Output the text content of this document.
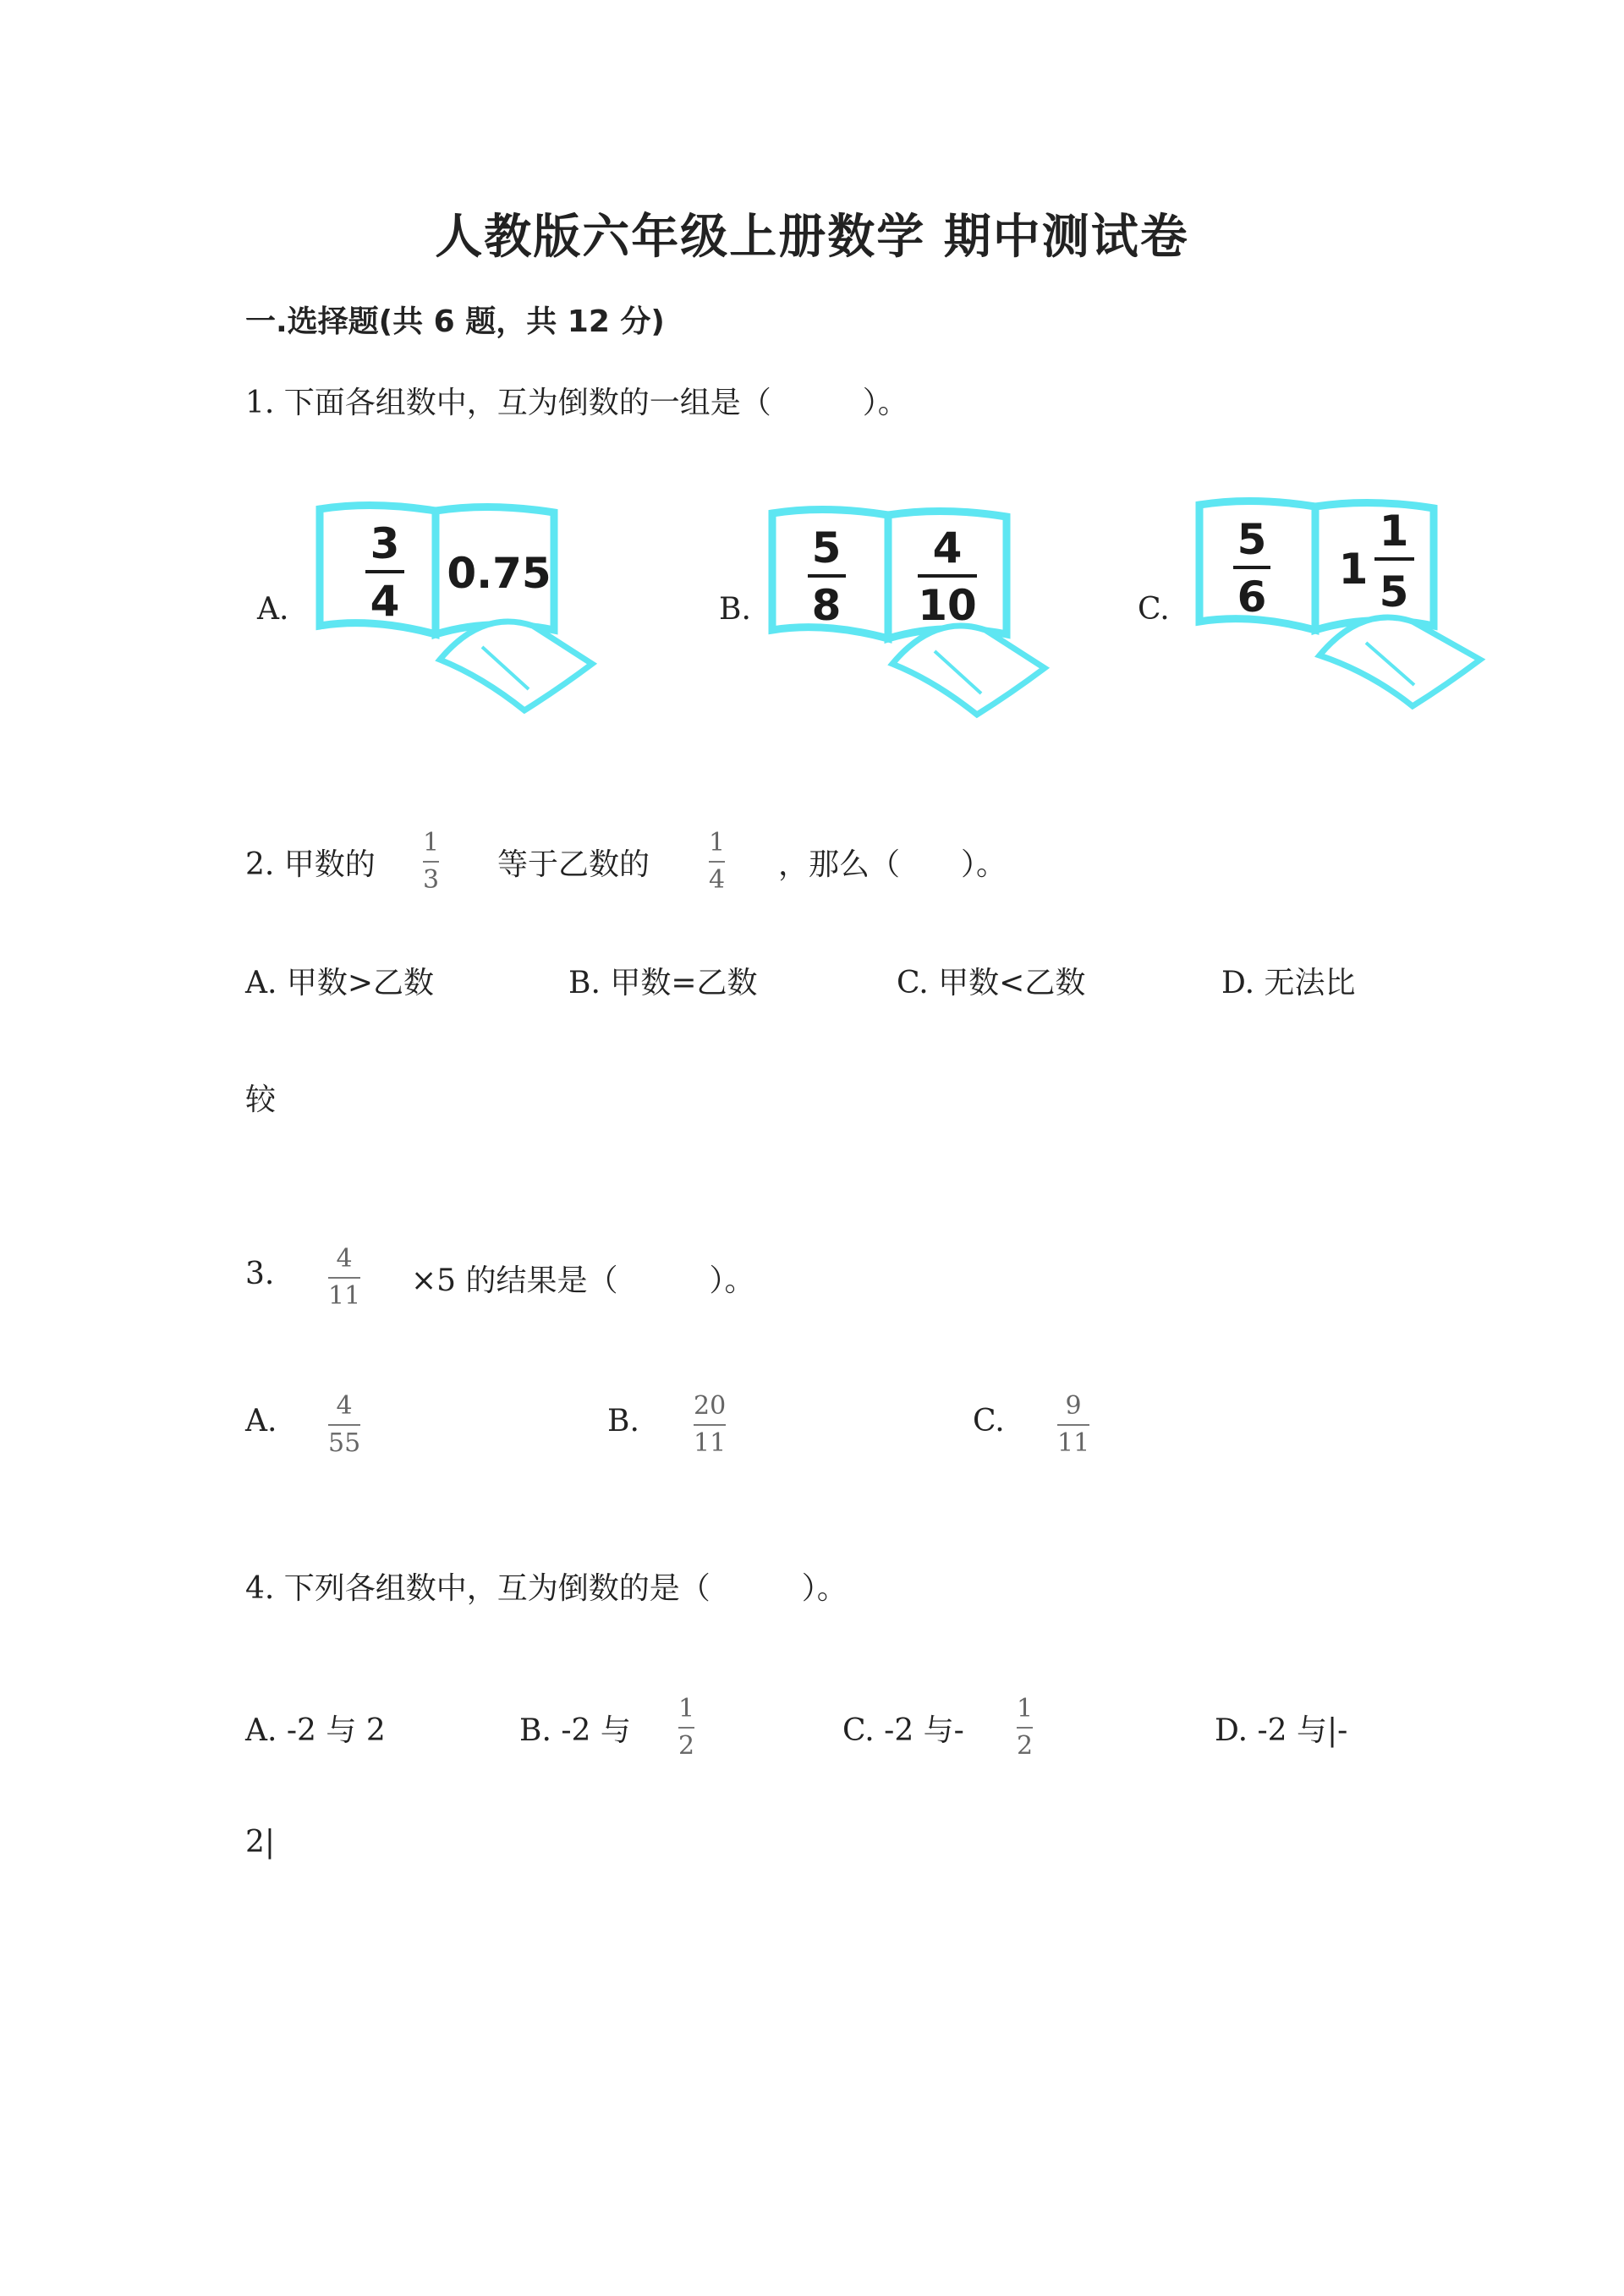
人教版六年级上册数学 期中测试卷
一.选择题(共 6 题，共 12 分)
1. 下面各组数中，互为倒数的一组是（　　　）。
A.
3
4
0.75
B.
5
8
4
10	C.
5
6
1
1
5
2. 甲数的
1
3 等于乙数的
1
4 ，那么（　　）。
A. 甲数>乙数	B. 甲数=乙数	C. 甲数<乙数	D. 无法比
较
3. 4
11 ×5 的结果是（　　　）。
A. 4
55
B. 20
11
C. 9
11
4. 下列各组数中，互为倒数的是（　　　）。
A. -2 与 2	B. -2 与
1
2	C. -2 与-
1
2	D. -2 与|-
2|
